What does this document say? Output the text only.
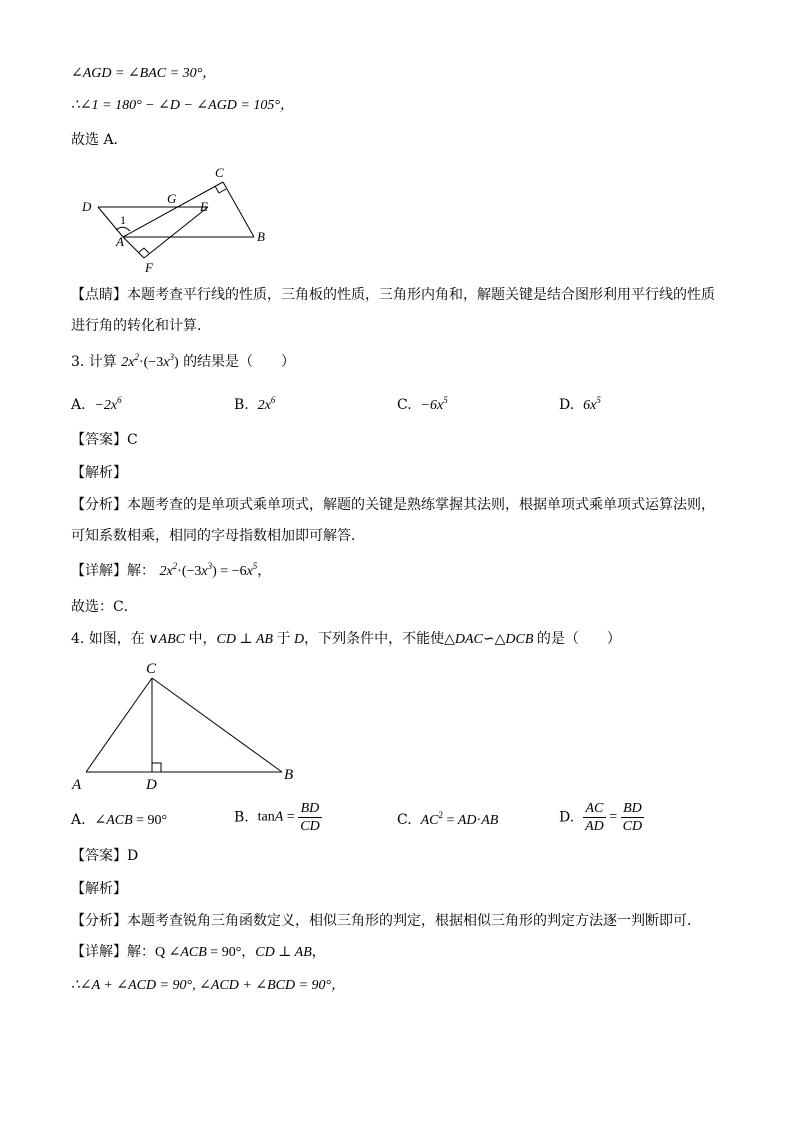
∠AGD = ∠BAC = 30°，
∴∠1 = 180° − ∠D − ∠AGD = 105°，
故选 A．
D
G
E
C
1
A	B
F
【点睛】本题考查平行线的性质，三角板的性质，三角形内角和，解题关键是结合图形利用平行线的性质
进行角的转化和计算．
3. 计算 $2x^2\cdot(-3x^3)$ 的结果是（　　）
A. $-2x^6$	B. $2x^6$	C. $-6x^5$	D. $6x^5$
【答案】C
【解析】
【分析】本题考查的是单项式乘单项式，解题的关键是熟练掌握其法则，根据单项式乘单项式运算法则，
可知系数相乘，相同的字母指数相加即可解答．
【详解】解： $2x^2\cdot(-3x^3) = -6x^5$，
故选：C．
4. 如图，在 ∨ABC 中，CD ⊥ AB 于 D，下列条件中，不能使△DAC∽△DCB 的是（　　）
C
A	D
B
A. ∠ACB = 90°	B. $\tan A = \frac{BD}{CD}$	C. $AC^2 = AD\cdot AB$	D. $\frac{AC}{AD} = \frac{BD}{CD}$
【答案】D
【解析】
【分析】本题考查锐角三角函数定义，相似三角形的判定，根据相似三角形的判定方法逐一判断即可．
【详解】解：Q ∠ACB = 90°，CD ⊥ AB，
∴∠A + ∠ACD = 90°, ∠ACD + ∠BCD = 90°，
